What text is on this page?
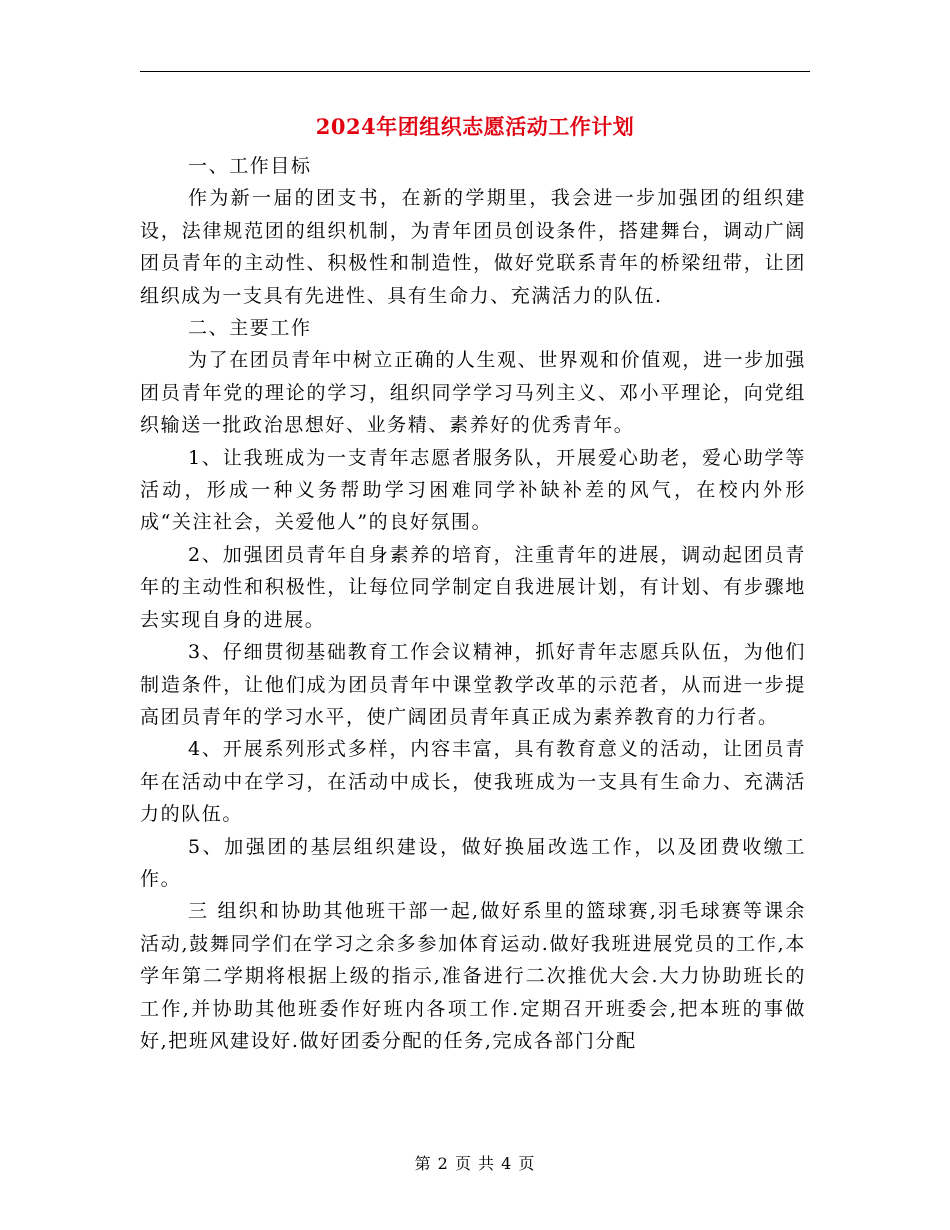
2024年团组织志愿活动工作计划

一、工作目标

作为新一届的团支书，在新的学期里，我会进一步加强团的组织建设，法律规范团的组织机制，为青年团员创设条件，搭建舞台，调动广阔团员青年的主动性、积极性和制造性，做好党联系青年的桥梁纽带，让团组织成为一支具有先进性、具有生命力、充满活力的队伍.

二、主要工作

为了在团员青年中树立正确的人生观、世界观和价值观，进一步加强团员青年党的理论的学习，组织同学学习马列主义、邓小平理论，向党组织输送一批政治思想好、业务精、素养好的优秀青年。

1、让我班成为一支青年志愿者服务队，开展爱心助老，爱心助学等活动，形成一种义务帮助学习困难同学补缺补差的风气，在校内外形成“关注社会，关爱他人”的良好氛围。

2、加强团员青年自身素养的培育，注重青年的进展，调动起团员青年的主动性和积极性，让每位同学制定自我进展计划，有计划、有步骤地去实现自身的进展。

3、仔细贯彻基础教育工作会议精神，抓好青年志愿兵队伍，为他们制造条件，让他们成为团员青年中课堂教学改革的示范者，从而进一步提高团员青年的学习水平，使广阔团员青年真正成为素养教育的力行者。

4、开展系列形式多样，内容丰富，具有教育意义的活动，让团员青年在活动中在学习，在活动中成长，使我班成为一支具有生命力、充满活力的队伍。

5、加强团的基层组织建设，做好换届改选工作，以及团费收缴工作。

三 组织和协助其他班干部一起,做好系里的篮球赛,羽毛球赛等课余活动,鼓舞同学们在学习之余多参加体育运动.做好我班进展党员的工作,本学年第二学期将根据上级的指示,准备进行二次推优大会.大力协助班长的工作,并协助其他班委作好班内各项工作.定期召开班委会,把本班的事做好,把班风建设好.做好团委分配的任务,完成各部门分配

第 2 页 共 4 页
